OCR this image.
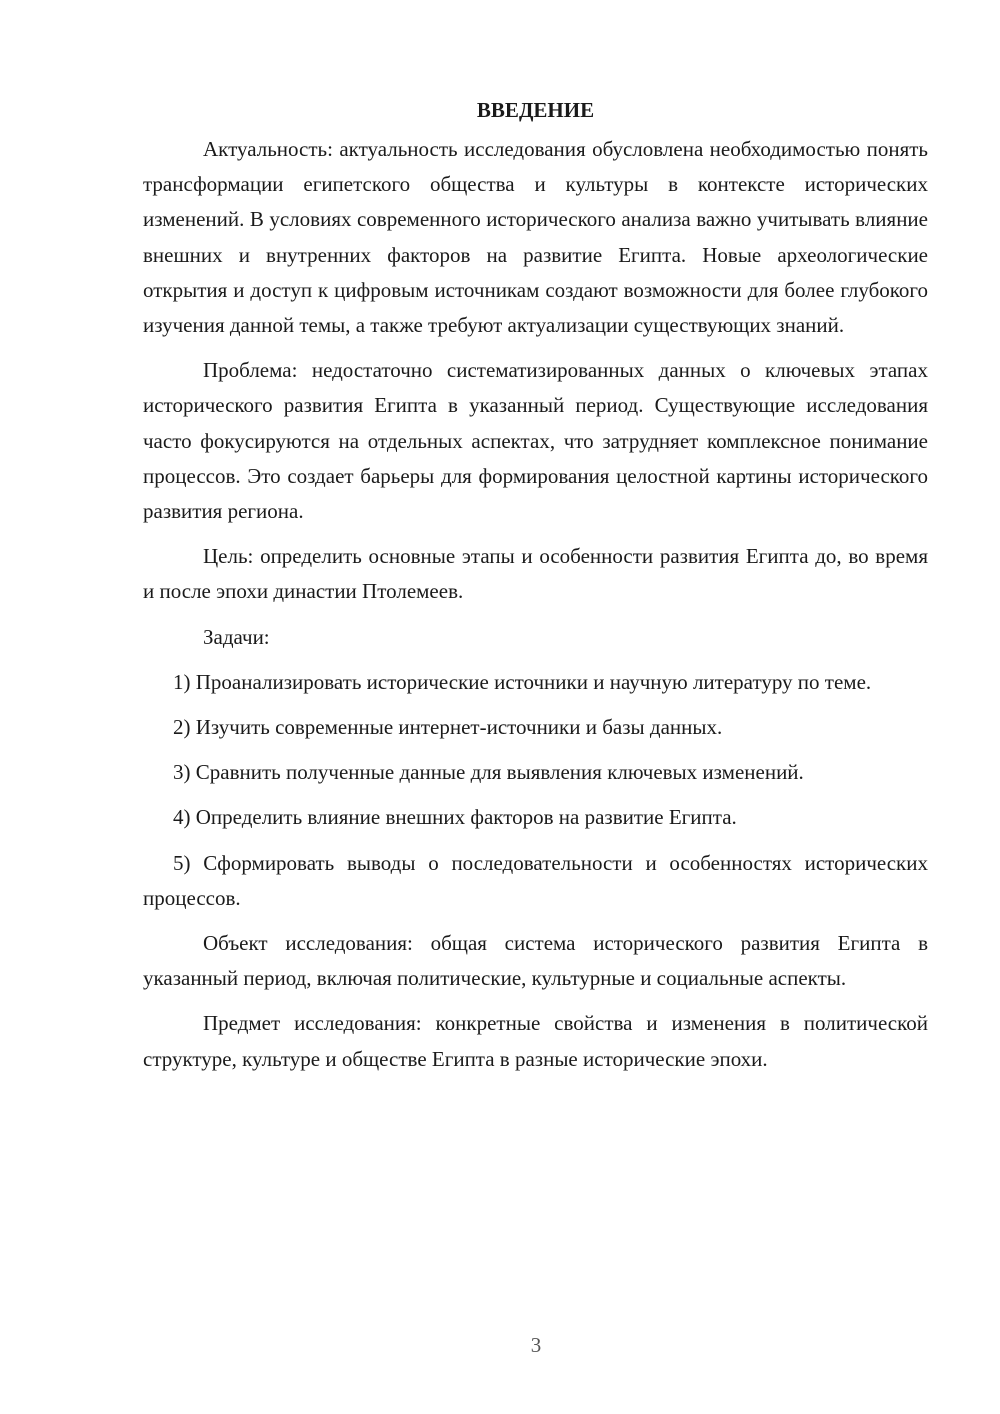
ВВЕДЕНИЕ

Актуальность: актуальность исследования обусловлена необходимостью понять трансформации египетского общества и культуры в контексте исторических изменений. В условиях современного исторического анализа важно учитывать влияние внешних и внутренних факторов на развитие Египта. Новые археологические открытия и доступ к цифровым источникам создают возможности для более глубокого изучения данной темы, а также требуют актуализации существующих знаний.

Проблема: недостаточно систематизированных данных о ключевых этапах исторического развития Египта в указанный период. Существующие исследования часто фокусируются на отдельных аспектах, что затрудняет комплексное понимание процессов. Это создает барьеры для формирования целостной картины исторического развития региона.

Цель: определить основные этапы и особенности развития Египта до, во время и после эпохи династии Птолемеев.

Задачи:

1) Проанализировать исторические источники и научную литературу по теме.

2) Изучить современные интернет-источники и базы данных.

3) Сравнить полученные данные для выявления ключевых изменений.

4) Определить влияние внешних факторов на развитие Египта.

5) Сформировать выводы о последовательности и особенностях исторических процессов.

Объект исследования: общая система исторического развития Египта в указанный период, включая политические, культурные и социальные аспекты.

Предмет исследования: конкретные свойства и изменения в политической структуре, культуре и обществе Египта в разные исторические эпохи.

3
